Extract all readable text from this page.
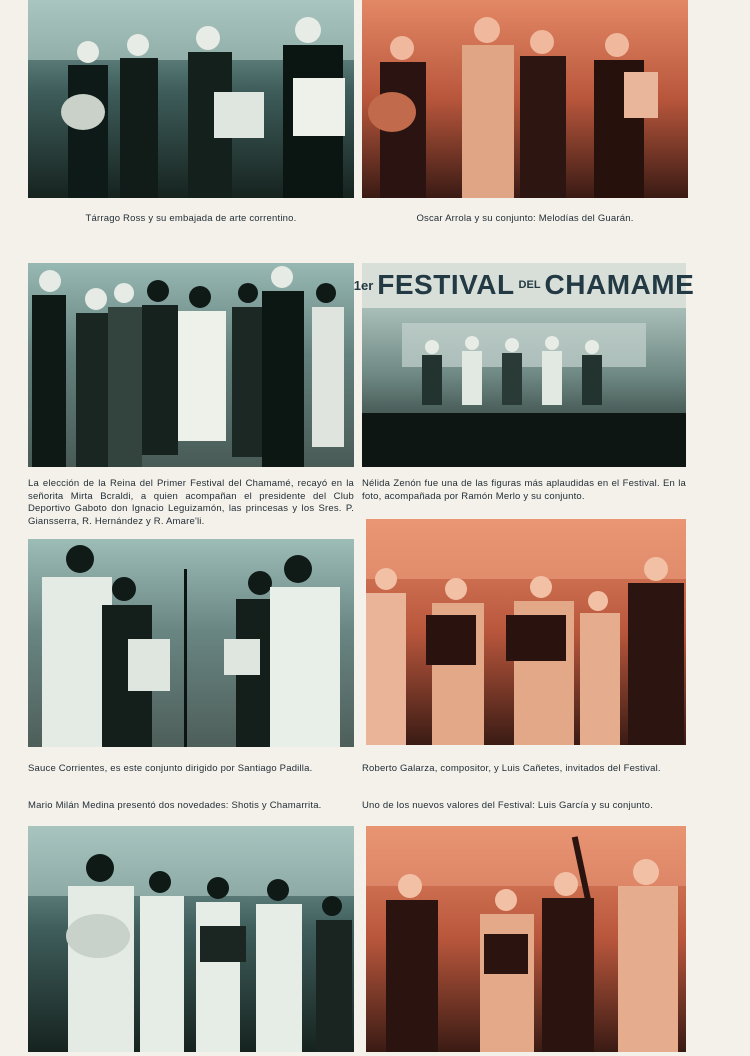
Tárrago Ross y su embajada de arte correntino.	Oscar Arrola y su conjunto: Melodías del Guarán.
La elección de la Reina del Primer Festival del Chamamé, recayó en la señorita Mirta Bcraldi, a quien acompañan el presidente del Club Deportivo Gaboto don Ignacio Leguizamón, las princesas y los Sres. P. Giansserra, R. Hernández y R. Amare'li.
1er FESTIVAL DEL CHAMAME
Nélida Zenón fue una de las figuras más aplaudidas en el Festival. En la foto, acompañada por Ramón Merlo y su conjunto.
Sauce Corrientes, es este conjunto dirigido por Santiago Padilla.	Roberto Galarza, compositor, y Luis Cañetes, invitados del Festival.
Mario Milán Medina presentó dos novedades: Shotis y Chamarrita.	Uno de los nuevos valores del Festival: Luis García y su conjunto.
